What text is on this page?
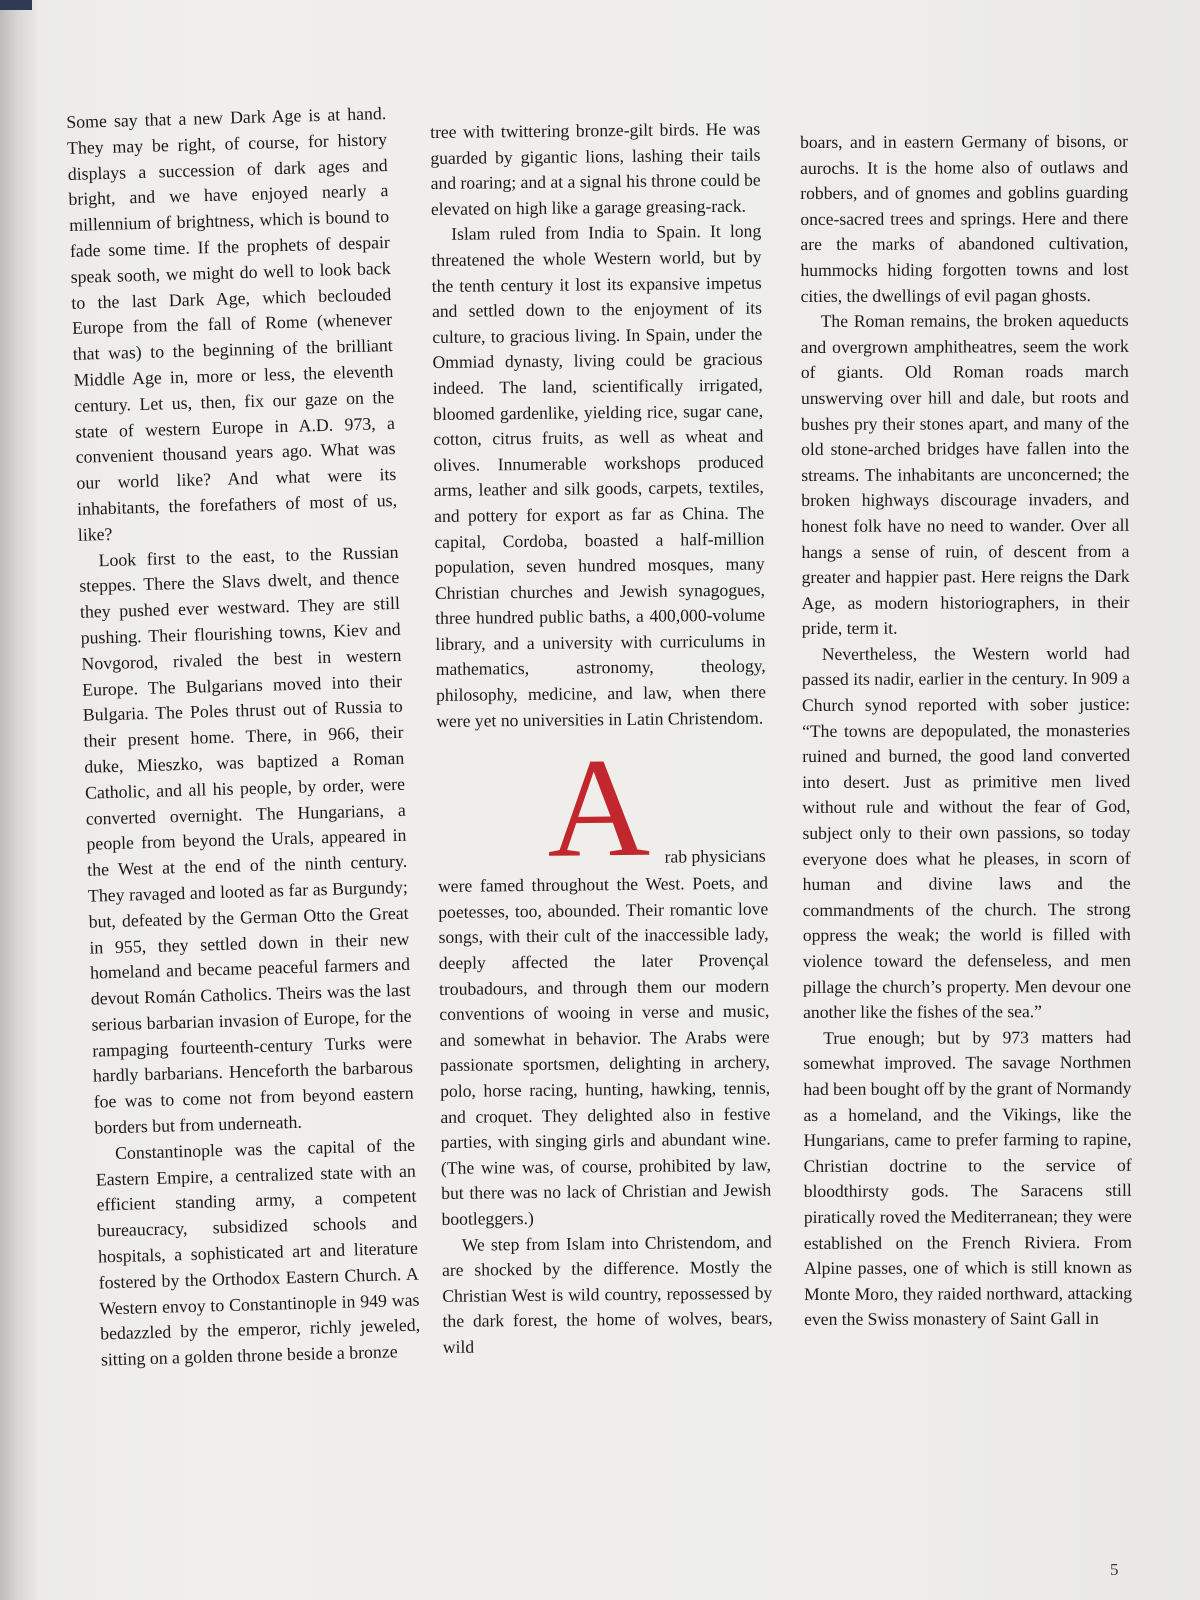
Some say that a new Dark Age is at hand. They may be right, of course, for history displays a succession of dark ages and bright, and we have enjoyed nearly a millennium of brightness, which is bound to fade some time. If the prophets of despair speak sooth, we might do well to look back to the last Dark Age, which beclouded Europe from the fall of Rome (whenever that was) to the beginning of the brilliant Middle Age in, more or less, the eleventh century. Let us, then, fix our gaze on the state of western Europe in A.D. 973, a convenient thousand years ago. What was our world like? And what were its inhabitants, the forefathers of most of us, like?

Look first to the east, to the Russian steppes. There the Slavs dwelt, and thence they pushed ever westward. They are still pushing. Their flourishing towns, Kiev and Novgorod, rivaled the best in western Europe. The Bulgarians moved into their Bulgaria. The Poles thrust out of Russia to their present home. There, in 966, their duke, Mieszko, was baptized a Roman Catholic, and all his people, by order, were converted overnight. The Hungarians, a people from beyond the Urals, appeared in the West at the end of the ninth century. They ravaged and looted as far as Burgundy; but, defeated by the German Otto the Great in 955, they settled down in their new homeland and became peaceful farmers and devout Román Catholics. Theirs was the last serious barbarian invasion of Europe, for the rampaging fourteenth-century Turks were hardly barbarians. Henceforth the barbarous foe was to come not from beyond eastern borders but from underneath.

Constantinople was the capital of the Eastern Empire, a centralized state with an efficient standing army, a competent bureaucracy, subsidized schools and hospitals, a sophisticated art and literature fostered by the Orthodox Eastern Church. A Western envoy to Constantinople in 949 was bedazzled by the emperor, richly jeweled, sitting on a golden throne beside a bronze

tree with twittering bronze-gilt birds. He was guarded by gigantic lions, lashing their tails and roaring; and at a signal his throne could be elevated on high like a garage greasing-rack.

Islam ruled from India to Spain. It long threatened the whole Western world, but by the tenth century it lost its expansive impetus and settled down to the enjoyment of its culture, to gracious living. In Spain, under the Ommiad dynasty, living could be gracious indeed. The land, scientifically irrigated, bloomed gardenlike, yielding rice, sugar cane, cotton, citrus fruits, as well as wheat and olives. Innumerable workshops produced arms, leather and silk goods, carpets, textiles, and pottery for export as far as China. The capital, Cordoba, boasted a half-million population, seven hundred mosques, many Christian churches and Jewish synagogues, three hundred public baths, a 400,000-volume library, and a university with curriculums in mathematics, astronomy, theology, philosophy, medicine, and law, when there were yet no universities in Latin Christendom.

A rab physicians

were famed throughout the West. Poets, and poetesses, too, abounded. Their romantic love songs, with their cult of the inaccessible lady, deeply affected the later Provençal troubadours, and through them our modern conventions of wooing in verse and music, and somewhat in behavior. The Arabs were passionate sportsmen, delighting in archery, polo, horse racing, hunting, hawking, tennis, and croquet. They delighted also in festive parties, with singing girls and abundant wine. (The wine was, of course, prohibited by law, but there was no lack of Christian and Jewish bootleggers.)

We step from Islam into Christendom, and are shocked by the difference. Mostly the Christian West is wild country, repossessed by the dark forest, the home of wolves, bears, wild

boars, and in eastern Germany of bisons, or aurochs. It is the home also of outlaws and robbers, and of gnomes and goblins guarding once-sacred trees and springs. Here and there are the marks of abandoned cultivation, hummocks hiding forgotten towns and lost cities, the dwellings of evil pagan ghosts.

The Roman remains, the broken aqueducts and overgrown amphitheatres, seem the work of giants. Old Roman roads march unswerving over hill and dale, but roots and bushes pry their stones apart, and many of the old stone-arched bridges have fallen into the streams. The inhabitants are unconcerned; the broken highways discourage invaders, and honest folk have no need to wander. Over all hangs a sense of ruin, of descent from a greater and happier past. Here reigns the Dark Age, as modern historiographers, in their pride, term it.

Nevertheless, the Western world had passed its nadir, earlier in the century. In 909 a Church synod reported with sober justice: “The towns are depopulated, the monasteries ruined and burned, the good land converted into desert. Just as primitive men lived without rule and without the fear of God, subject only to their own passions, so today everyone does what he pleases, in scorn of human and divine laws and the commandments of the church. The strong oppress the weak; the world is filled with violence toward the defenseless, and men pillage the church’s property. Men devour one another like the fishes of the sea.”

True enough; but by 973 matters had somewhat improved. The savage Northmen had been bought off by the grant of Normandy as a homeland, and the Vikings, like the Hungarians, came to prefer farming to rapine, Christian doctrine to the service of bloodthirsty gods. The Saracens still piratically roved the Mediterranean; they were established on the French Riviera. From Alpine passes, one of which is still known as Monte Moro, they raided northward, attacking even the Swiss monastery of Saint Gall in

5
